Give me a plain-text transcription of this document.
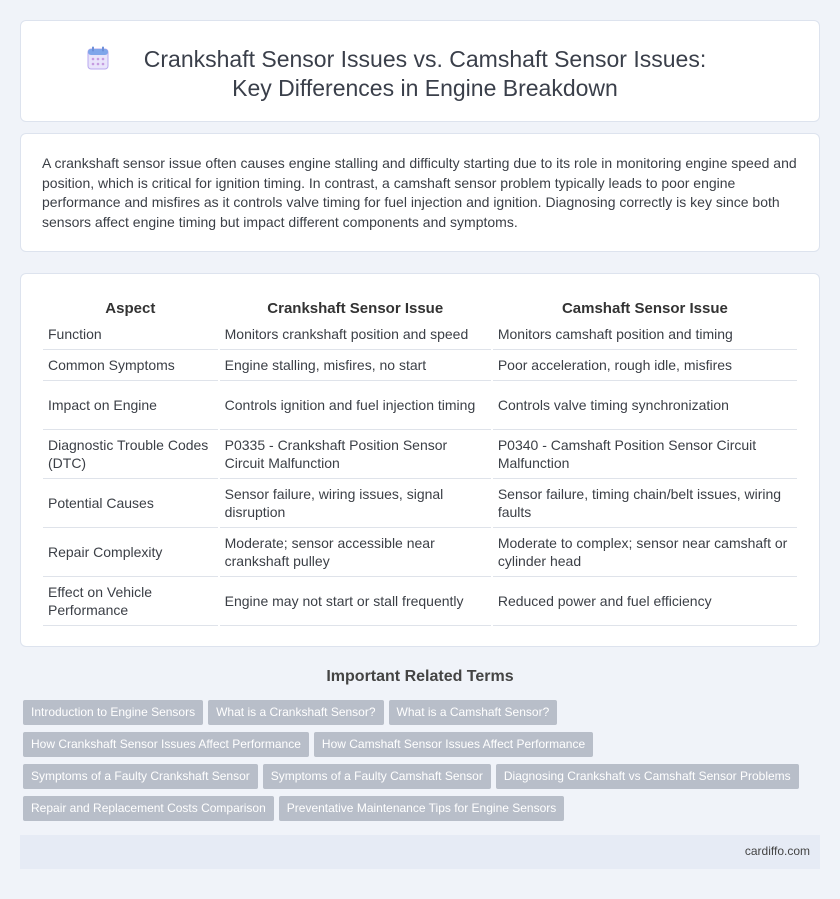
Crankshaft Sensor Issues vs. Camshaft Sensor Issues: Key Differences in Engine Breakdown

A crankshaft sensor issue often causes engine stalling and difficulty starting due to its role in monitoring engine speed and position, which is critical for ignition timing. In contrast, a camshaft sensor problem typically leads to poor engine performance and misfires as it controls valve timing for fuel injection and ignition. Diagnosing correctly is key since both sensors affect engine timing but impact different components and symptoms.

Aspect	Crankshaft Sensor Issue	Camshaft Sensor Issue
Function	Monitors crankshaft position and speed	Monitors camshaft position and timing
Common Symptoms	Engine stalling, misfires, no start	Poor acceleration, rough idle, misfires
Impact on Engine	Controls ignition and fuel injection timing	Controls valve timing synchronization
Diagnostic Trouble Codes (DTC)	P0335 - Crankshaft Position Sensor Circuit Malfunction	P0340 - Camshaft Position Sensor Circuit Malfunction
Potential Causes	Sensor failure, wiring issues, signal disruption	Sensor failure, timing chain/belt issues, wiring faults
Repair Complexity	Moderate; sensor accessible near crankshaft pulley	Moderate to complex; sensor near camshaft or cylinder head
Effect on Vehicle Performance	Engine may not start or stall frequently	Reduced power and fuel efficiency
Important Related Terms
Introduction to Engine Sensors What is a Crankshaft Sensor? What is a Camshaft Sensor?
How Crankshaft Sensor Issues Affect Performance How Camshaft Sensor Issues Affect Performance
Symptoms of a Faulty Crankshaft Sensor Symptoms of a Faulty Camshaft Sensor Diagnosing Crankshaft vs Camshaft Sensor Problems
Repair and Replacement Costs Comparison Preventative Maintenance Tips for Engine Sensors
cardiffo.com
